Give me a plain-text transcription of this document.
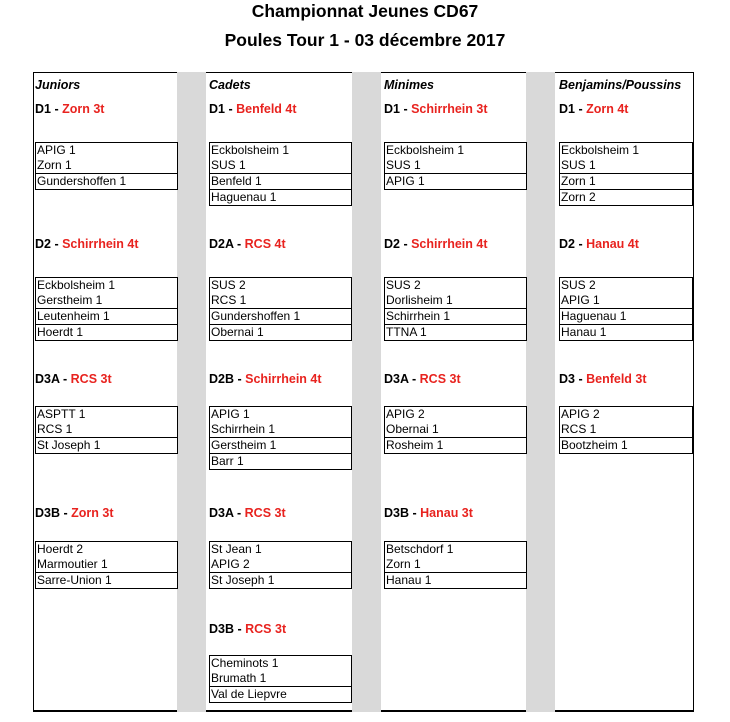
Championnat Jeunes CD67
Poules Tour 1 - 03 décembre 2017
Juniors
D1 - Zorn 3t
APIG 1
Zorn 1
Gundershoffen 1
D2 - Schirrhein 4t
Eckbolsheim 1
Gerstheim 1
Leutenheim 1
Hoerdt 1
D3A - RCS 3t
ASPTT 1
RCS 1
St Joseph 1
D3B - Zorn 3t
Hoerdt 2
Marmoutier 1
Sarre-Union 1
Cadets
D1 - Benfeld 4t
Eckbolsheim 1
SUS 1
Benfeld 1
Haguenau 1
D2A - RCS 4t
SUS 2
RCS 1
Gundershoffen 1
Obernai 1
D2B - Schirrhein 4t
APIG 1
Schirrhein 1
Gerstheim 1
Barr 1
D3A - RCS 3t
St Jean 1
APIG 2
St Joseph 1
D3B - RCS 3t
Cheminots 1
Brumath 1
Val de Liepvre
Minimes
D1 - Schirrhein 3t
Eckbolsheim 1
SUS 1
APIG 1
D2 - Schirrhein 4t
SUS 2
Dorlisheim 1
Schirrhein 1
TTNA 1
D3A - RCS 3t
APIG 2
Obernai 1
Rosheim 1
D3B - Hanau 3t
Betschdorf 1
Zorn 1
Hanau 1
Benjamins/Poussins
D1 - Zorn 4t
Eckbolsheim 1
SUS 1
Zorn 1
Zorn 2
D2 - Hanau 4t
SUS 2
APIG 1
Haguenau 1
Hanau 1
D3 - Benfeld 3t
APIG 2
RCS 1
Bootzheim 1
